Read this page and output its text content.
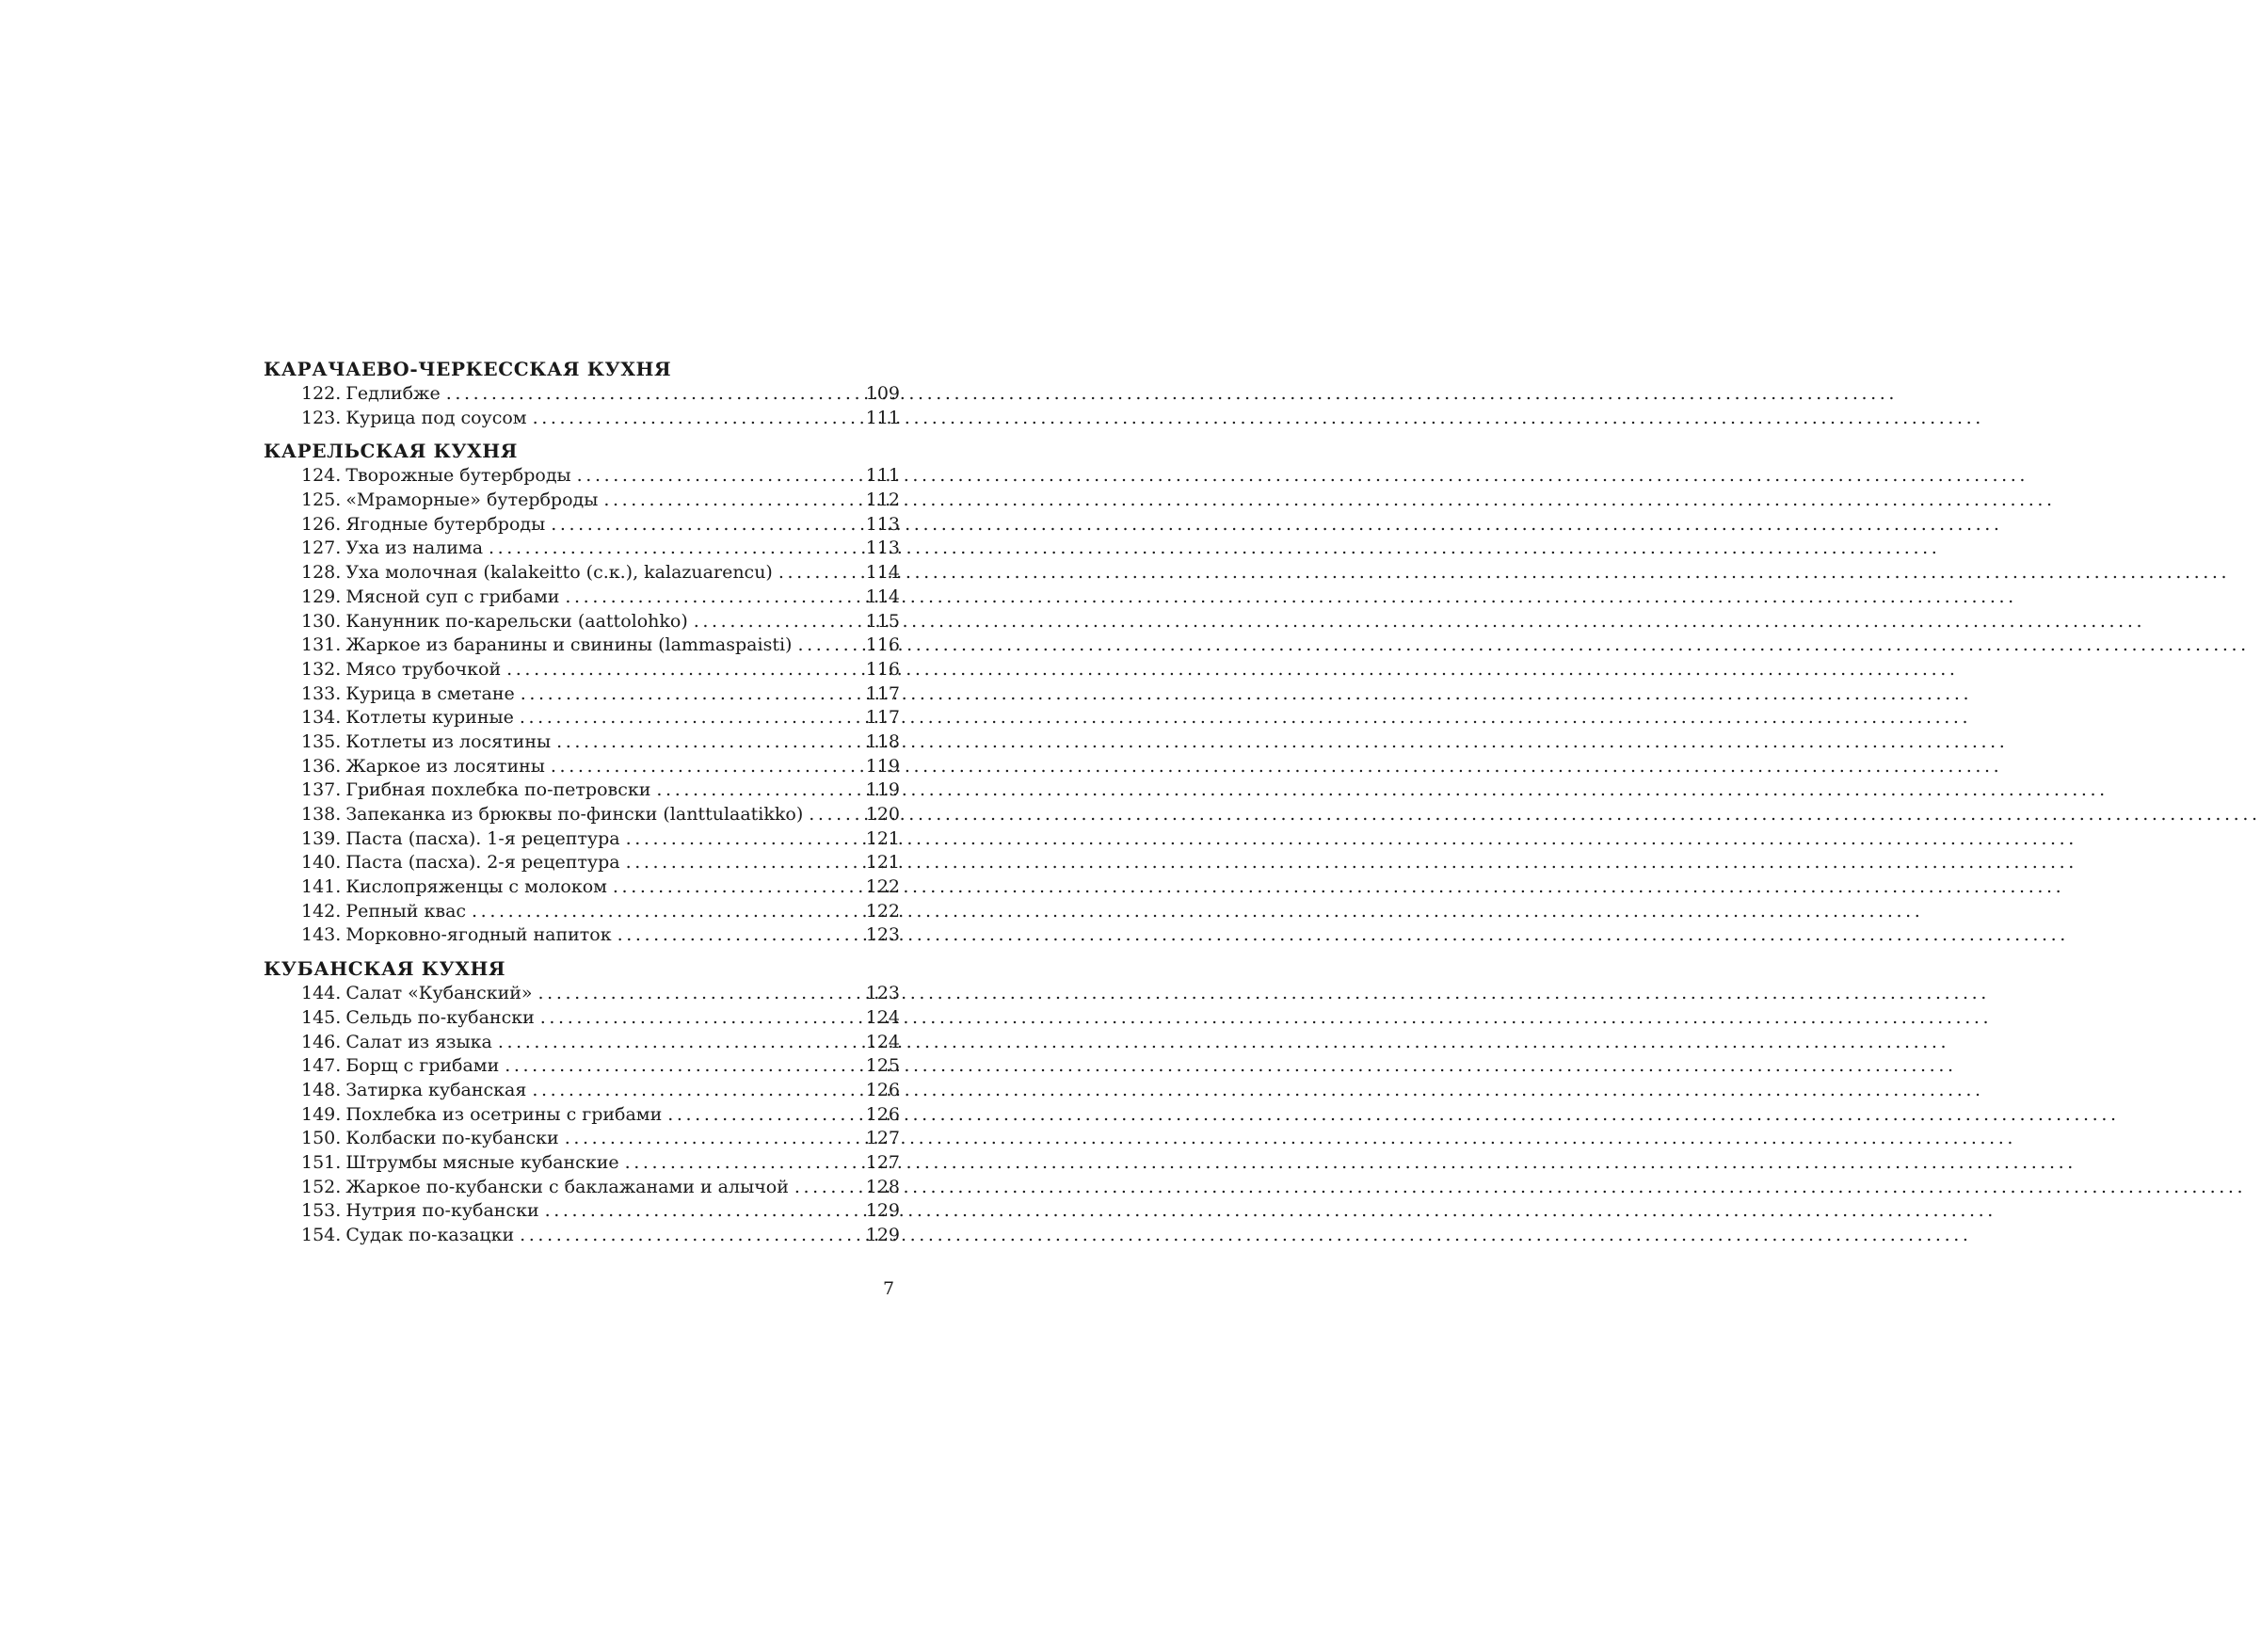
КАРАЧАЕВО-ЧЕРКЕССКАЯ КУХНЯ
122. Гедлибже .....	109
123. Курица под соусом .....	111
КАРЕЛЬСКАЯ КУХНЯ
124. Творожные бутерброды .....	111
125. «Мраморные» бутерброды .....	112
126. Ягодные бутерброды .....	113
127. Уха из налима .....	113
128. Уха молочная (kalakeitto (с.к.), kalazuarencu) .....	114
129. Мясной суп с грибами .....	114
130. Канунник по-карельски (aattolohko) .....	115
131. Жаркое из баранины и свинины (lammaspaisti) .....	116
132. Мясо трубочкой .....	116
133. Курица в сметане .....	117
134. Котлеты куриные .....	117
135. Котлеты из лосятины .....	118
136. Жаркое из лосятины .....	119
137. Грибная похлебка по-петровски .....	119
138. Запеканка из брюквы по-фински (lanttulaatikko) .....	120
139. Паста (пасха). 1-я рецептура .....	121
140. Паста (пасха). 2-я рецептура .....	121
141. Кислопряженцы с молоком .....	122
142. Репный квас .....	122
143. Морковно-ягодный напиток .....	123
КУБАНСКАЯ КУХНЯ
144. Салат «Кубанский» .....	123
145. Сельдь по-кубански .....	124
146. Салат из языка .....	124
147. Борщ с грибами .....	125
148. Затирка кубанская .....	126
149. Похлебка из осетрины с грибами .....	126
150. Колбаски по-кубански .....	127
151. Штрумбы мясные кубанские .....	127
152. Жаркое по-кубански с баклажанами и алычой .....	128
153. Нутрия по-кубански .....	129
154. Судак по-казацки .....	129
7
